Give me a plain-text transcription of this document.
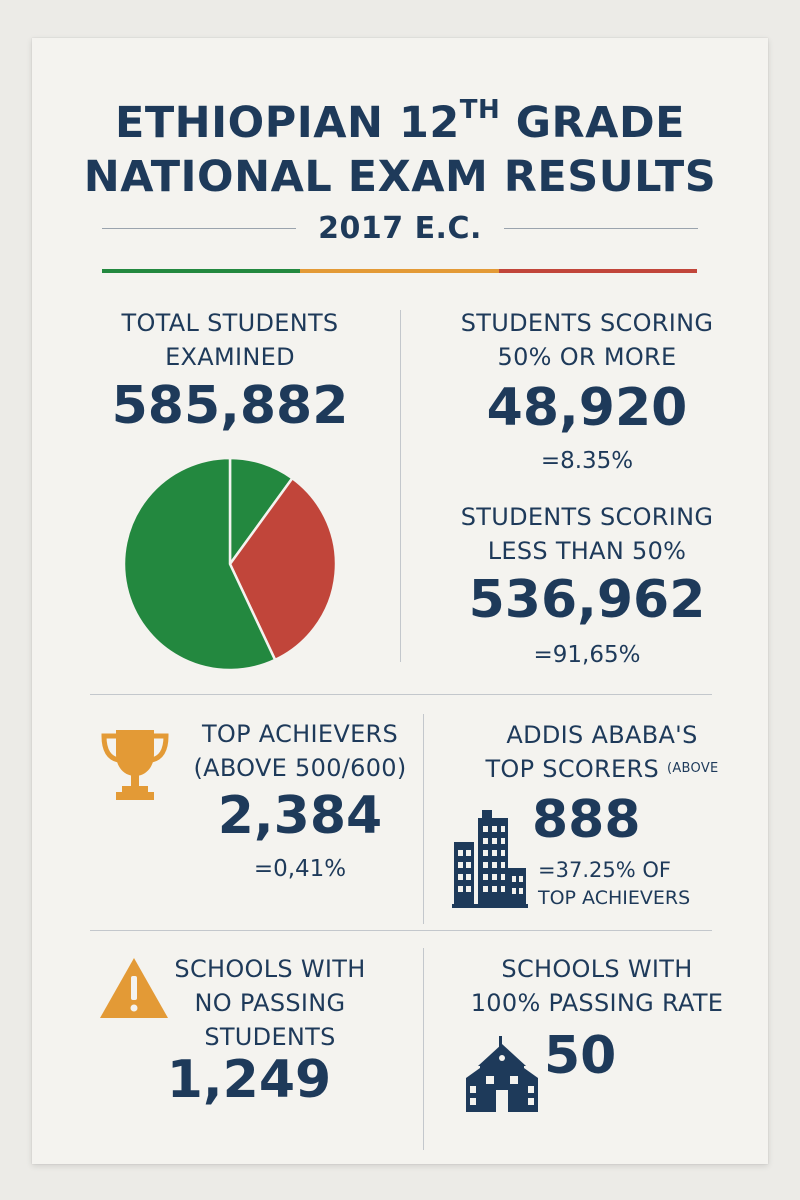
ETHIOPIAN 12TH GRADE
NATIONAL EXAM RESULTS
2017 E.C.
TOTAL STUDENTS
EXAMINED
585,882
STUDENTS SCORING
50% OR MORE
48,920
=8.35%
STUDENTS SCORING
LESS THAN 50%
536,962
=91,65%
TOP ACHIEVERS
(ABOVE 500/600)
2,384
=0,41%
ADDIS ABABA'S
TOP SCORERS $^{(ABOVE}$
888
=37.25% OF
TOP ACHIEVERS
SCHOOLS WITH
NO PASSING
STUDENTS
1,249
SCHOOLS WITH
100% PASSING RATE
50
